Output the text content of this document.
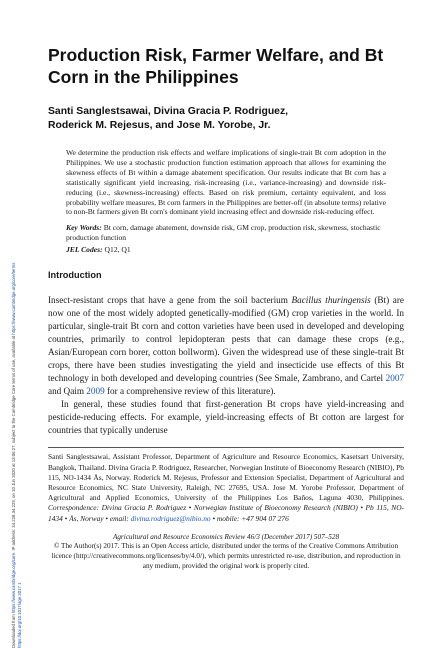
Downloaded from https://www.cambridge.org/core. IP address: 34.228.34.229, on 10 Jun 2020 at 13:06:27, subject to the Cambridge Core terms of use, available at https://www.cambridge.org/core/terms
https://doi.org/10.1017/age.2017.1
Production Risk, Farmer Welfare, and Bt Corn in the Philippines
Santi Sanglestsawai, Divina Gracia P. Rodriguez,
Roderick M. Rejesus, and Jose M. Yorobe, Jr.
We determine the production risk effects and welfare implications of single-trait Bt corn adoption in the Philippines. We use a stochastic production function estimation approach that allows for examining the skewness effects of Bt within a damage abatement specification. Our results indicate that Bt corn has a statistically significant yield increasing, risk-increasing (i.e., variance-increasing) and downside risk-reducing (i.e., skewness-increasing) effects. Based on risk premium, certainty equivalent, and loss probability welfare measures, Bt corn farmers in the Philippines are better-off (in absolute terms) relative to non-Bt farmers given Bt corn's dominant yield increasing effect and downside risk-reducing effect.
Key Words: Bt corn, damage abatement, downside risk, GM crop, production risk, skewness, stochastic production function
JEL Codes: Q12, Q1
Introduction

Insect-resistant crops that have a gene from the soil bacterium Bacillus thuringensis (Bt) are now one of the most widely adopted genetically-modified (GM) crop varieties in the world. In particular, single-trait Bt corn and cotton varieties have been used in developed and developing countries, primarily to control lepidopteran pests that can damage these crops (e.g., Asian/European corn borer, cotton bollworm). Given the widespread use of these single-trait Bt crops, there have been studies investigating the yield and insecticide use effects of this Bt technology in both developed and developing countries (See Smale, Zambrano, and Cartel 2007 and Qaim 2009 for a comprehensive review of this literature).

In general, these studies found that first-generation Bt crops have yield-increasing and pesticide-reducing effects. For example, yield-increasing effects of Bt cotton are largest for countries that typically underuse

Santi Sanglestsawai, Assistant Professor, Department of Agriculture and Resource Economics, Kasetsart University, Bangkok, Thailand. Divina Gracia P. Rodriguez, Researcher, Norwegian Institute of Bioeconomy Research (NIBIO), Pb 115, NO-1434 Ås, Norway. Roderick M. Rejesus, Professor and Extension Specialist, Department of Agricultural and Resource Economics, NC State University, Raleigh, NC 27695, USA. Jose M. Yorobe Professor, Department of Agricultural and Applied Economics, University of the Philippines Los Baños, Laguna 4030, Philippines. Correspondence: Divina Gracia P. Rodriguez • Norwegian Institute of Bioeconomy Research (NIBIO) • Pb 115, NO-1434 • Ås, Norway • email: divina.rodriguez@nibio.no • mobile: +47 904 07 276
Agricultural and Resource Economics Review 46/3 (December 2017) 507–528
© The Author(s) 2017. This is an Open Access article, distributed under the terms of the Creative Commons Attribution licence (http://creativecommons.org/licenses/by/4.0/), which permits unrestricted re-use, distribution, and reproduction in any medium, provided the original work is properly cited.
